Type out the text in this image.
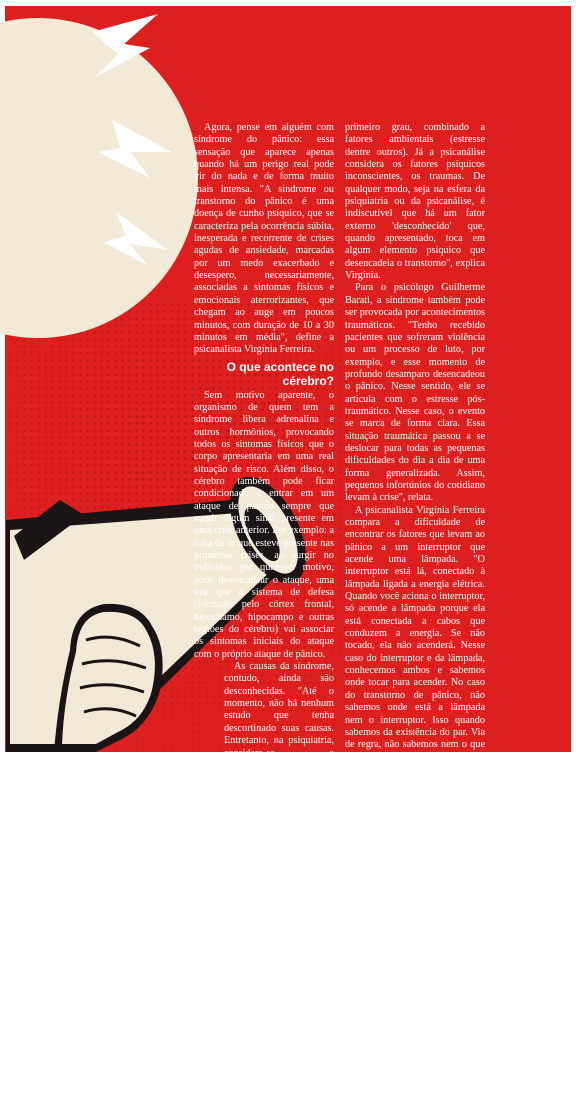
Agora, pense em alguém com síndrome do pânico: essa sensação que aparece apenas quando há um perigo real pode vir do nada e de forma muito mais intensa. "A síndrome ou transtorno do pânico é uma doença de cunho psíquico, que se caracteriza pela ocorrência súbita, inesperada e recorrente de crises agudas de ansiedade, marcadas por um medo exacerbado e desespero, necessariamente, associadas a sintomas físicos e emocionais aterrorizantes, que chegam ao auge em poucos minutos, com duração de 10 a 30 minutos em média", define a psicanalista Virgínia Ferreira.

O que acontece no cérebro?

Sem motivo aparente, o organismo de quem tem a síndrome libera adrenalina e outros hormônios, provocando todos os sintomas físicos que o corpo apresentaria em uma real situação de risco. Além disso, o cérebro também pode ficar condicionado a entrar em um ataque de pânico sempre que surgir algum sinal presente em uma crise anterior. Por exemplo: a falta de ar que esteve presente nas primeiras crises, ao surgir no indivíduo por qualquer motivo, pode desencadear o ataque, uma vez que o sistema de defesa (formado pelo córtex frontal, hipotálamo, hipocampo e outras regiões do cérebro) vai associar os sintomas iniciais do ataque com o próprio ataque de pânico.

As causas da síndrome, contudo, ainda são desconhecidas. "Até o momento, não há nenhum estudo que tenha descortinado suas causas. Entretanto, na psiquiatria, considera-se a possibilidade de fatores hereditários em familiares de

primeiro grau, combinado a fatores ambientais (estresse dentre outros). Já a psicanálise considera os fatores psíquicos inconscientes, os traumas. De qualquer modo, seja na esfera da psiquiatria ou da psicanálise, é indiscutível que há um fator externo 'desconhecido' que, quando apresentado, toca em algum elemento psíquico que desencadeia o transtorno", explica Virgínia.

Para o psicólogo Guilherme Barati, a síndrome também pode ser provocada por acontecimentos traumáticos. "Tenho recebido pacientes que sofreram violência ou um processo de luto, por exemplo, e esse momento de profundo desamparo desencadeou o pânico. Nesse sentido, ele se articula com o estresse pós-traumático. Nesse caso, o evento se marca de forma clara. Essa situação traumática passou a se deslocar para todas as pequenas dificuldades do dia a dia de uma forma generalizada. Assim, pequenos infortúnios do cotidiano levam à crise", relata.

A psicanalista Virgínia Ferreira compara a dificuldade de encontrar os fatores que levam ao pânico a um interruptor que acende uma lâmpada. "O interruptor está lá, conectado à lâmpada ligada a energia elétrica. Quando você aciona o interruptor, só acende a lâmpada porque ela está conectada a cabos que conduzem a energia. Se não tocado, ela não acenderá. Nesse caso do interruptor e da lâmpada, conhecemos ambos e sabemos onde tocar para acender. No caso do transtorno de pânico, não sabemos onde está a lâmpada nem o interruptor. Isso quando sabemos da existência do par. Via de regra, não sabemos nem o que desencadeia, nem no que toca. Isso mostra o quanto conhecemos quase nada ou muito pouco e o quanto somos vítimas ingênuas de nosso desconhecimento acerca de nós mesmos".
